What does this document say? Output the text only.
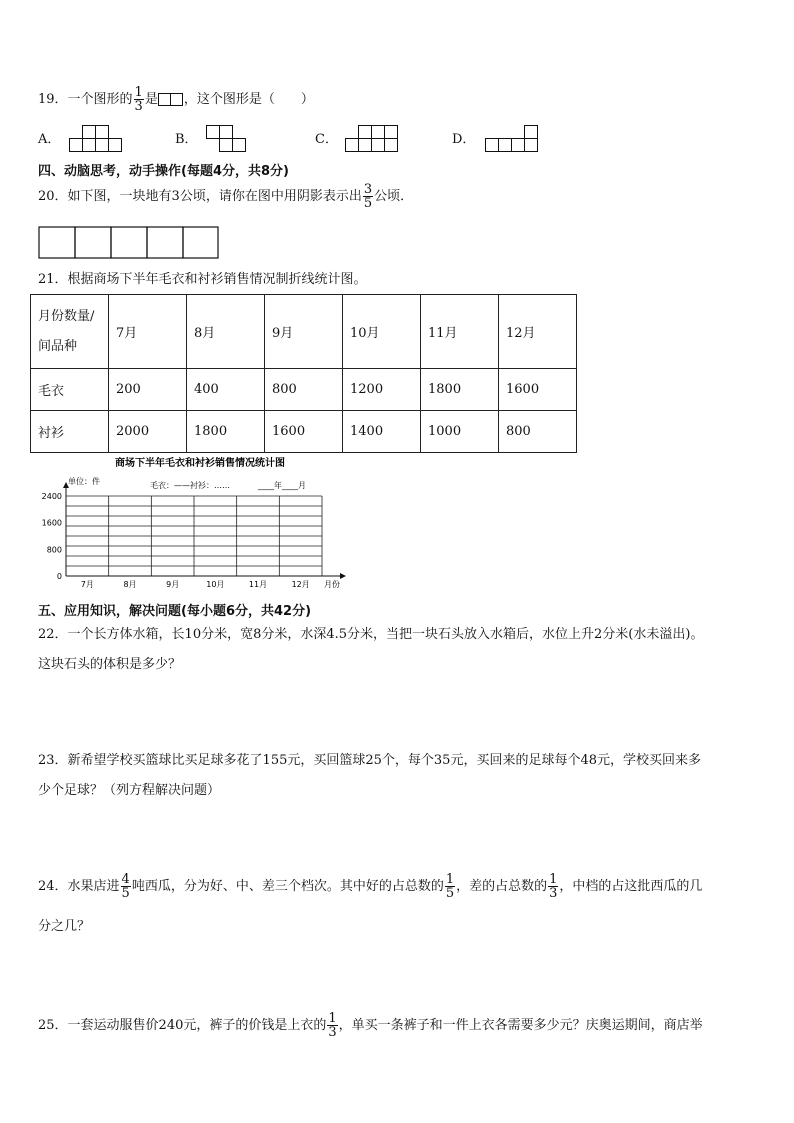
19．一个图形的 $\frac{1}{3}$ 是 ，这个图形是（　　）
A．	B．	C．	D．
四、动脑思考，动手操作(每题4分，共8分)
20．如下图，一块地有3公顷，请你在图中用阴影表示出 $\frac{3}{5}$ 公顷．
21．根据商场下半年毛衣和衬衫销售情况制折线统计图。
月份数量/
间品种	7月	8月	9月	10月	11月	12月
毛衣	200	400	800	1200	1800	1600
衬衫	2000	1800	1600	1400	1000	800
商场下半年毛衣和衬衫销售情况统计图
单位：件	毛衣：—— 衬衫：……	____年____月
2400
1600
800
0
7月	8月	9月	10月	11月	12月 月份
五、应用知识，解决问题(每小题6分，共42分)
22．一个长方体水箱，长10分米，宽8分米，水深4.5分米，当把一块石头放入水箱后，水位上升2分米(水未溢出)。
这块石头的体积是多少？
23．新希望学校买篮球比买足球多花了155元，买回篮球25个，每个35元，买回来的足球每个48元，学校买回来多
少个足球？（列方程解决问题）
24．水果店进 $\frac{4}{5}$ 吨西瓜，分为好、中、差三个档次。其中好的占总数的 $\frac{1}{5}$ ，差的占总数的 $\frac{1}{3}$ ，中档的占这批西瓜的几
分之几？
25．一套运动服售价240元，裤子的价钱是上衣的 $\frac{1}{3}$ ，单买一条裤子和一件上衣各需要多少元？庆奥运期间，商店举
